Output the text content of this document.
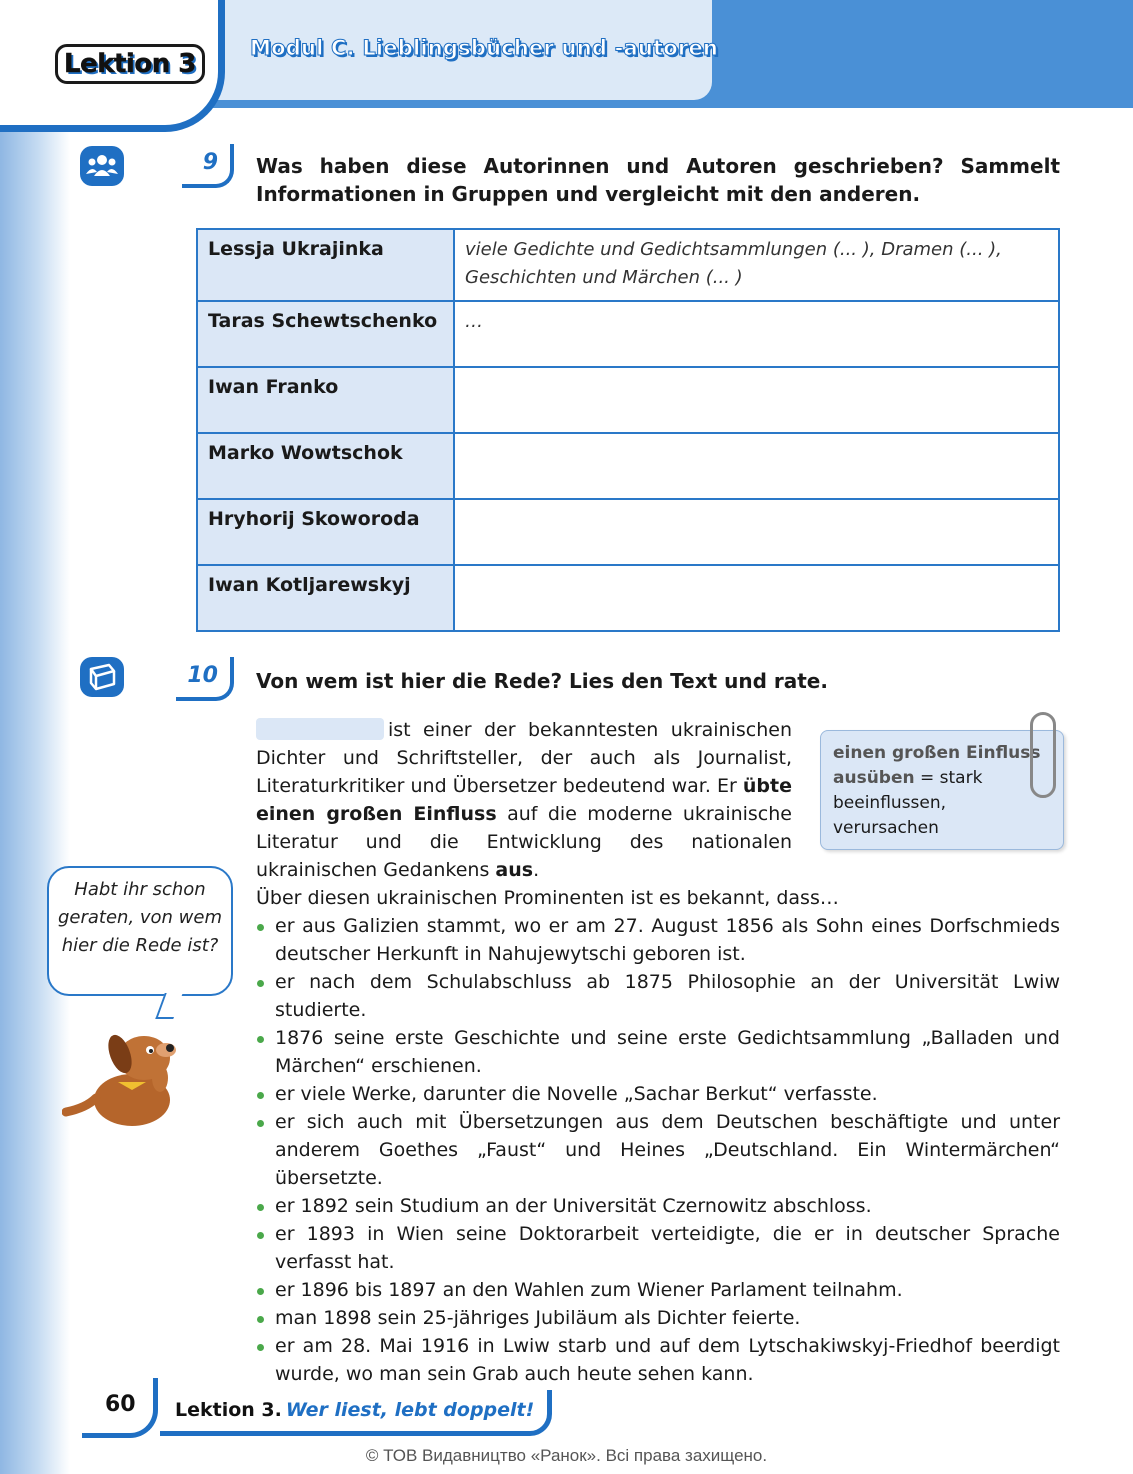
Lektion 3
Modul C. Lieblingsbücher und -autoren
9	Was haben diese Autorinnen und Autoren geschrieben? Sammelt Informationen in Gruppen und vergleicht mit den anderen.
Lessja Ukrajinka	viele Gedichte und Gedichtsammlungen (... ), Dramen (... ), Geschichten und Märchen (... )
Taras Schewtschenko	…
Iwan Franko	
Marko Wowtschok	
Hryhorij Skoworoda	
Iwan Kotljarewskyj	
10	Von wem ist hier die Rede? Lies den Text und rate.
ist einer der bekanntesten ukrainischen Dichter und Schriftsteller, der auch als Journalist, Literaturkritiker und Übersetzer bedeutend war. Er übte einen großen Einfluss auf die moderne ukrainische Literatur und die Entwicklung des nationalen ukrainischen Gedankens aus.
einen großen Einfluss ausüben = stark beeinflussen, verursachen
Habt ihr schon geraten, von wem hier die Rede ist?
Über diesen ukrainischen Prominenten ist es bekannt, dass…
er aus Galizien stammt, wo er am 27. August 1856 als Sohn eines Dorfschmieds deutscher Herkunft in Nahujewytschi geboren ist.
er nach dem Schulabschluss ab 1875 Philosophie an der Universität Lwiw studierte.
1876 seine erste Geschichte und seine erste Gedichtsammlung „Balladen und Märchen“ erschienen.
er viele Werke, darunter die Novelle „Sachar Berkut“ verfasste.
er sich auch mit Übersetzungen aus dem Deutschen beschäftigte und unter anderem Goethes „Faust“ und Heines „Deutschland. Ein Wintermärchen“ übersetzte.
er 1892 sein Studium an der Universität Czernowitz abschloss.
er 1893 in Wien seine Doktorarbeit verteidigte, die er in deutscher Sprache verfasst hat.
er 1896 bis 1897 an den Wahlen zum Wiener Parlament teilnahm.
man 1898 sein 25-jähriges Jubiläum als Dichter feierte.
er am 28. Mai 1916 in Lwiw starb und auf dem Lytschakiwskyj-Friedhof beerdigt wurde, wo man sein Grab auch heute sehen kann.
60 Lektion 3. Wer liest, lebt doppelt!
© ТОВ Видавництво «Ранок». Всі права захищено.
